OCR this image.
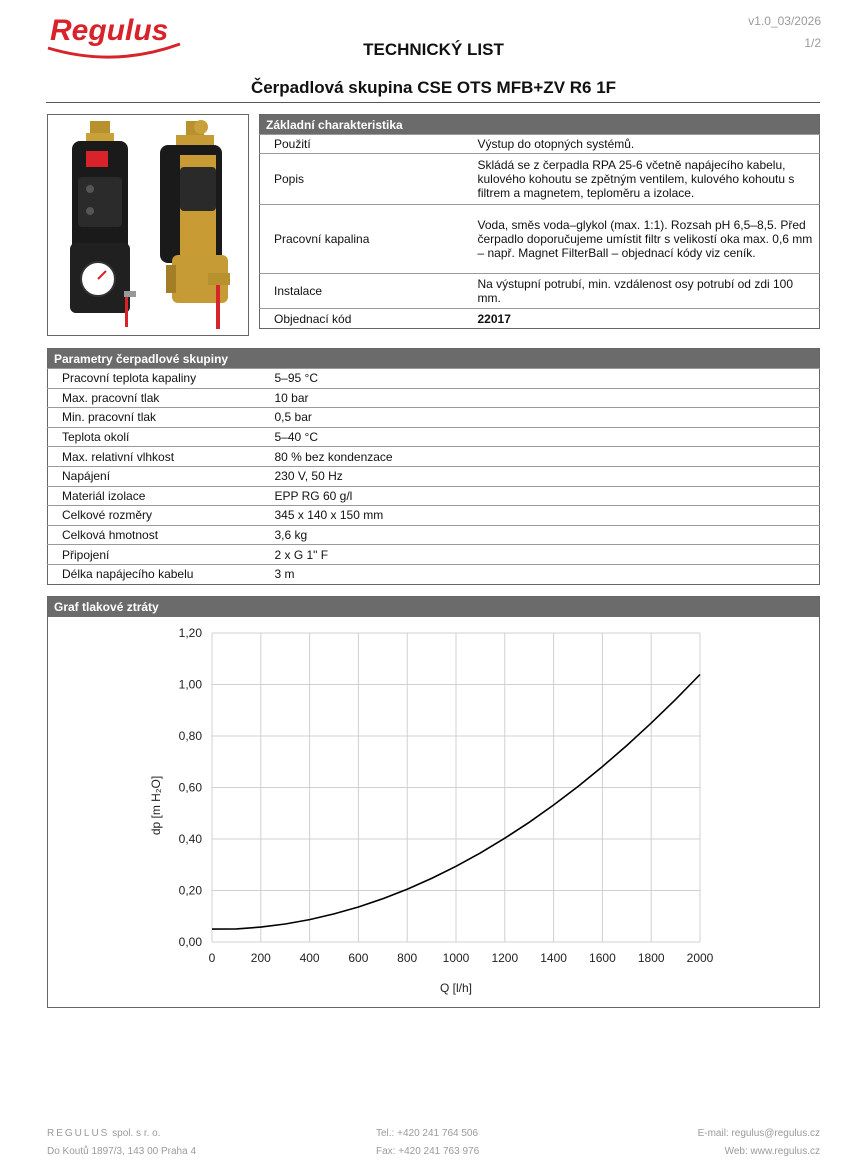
Regulus	v1.0_03/2026
1/2
TECHNICKÝ LIST
Čerpadlová skupina CSE OTS MFB+ZV R6 1F
Základní charakteristika	
Použití	Výstup do otopných systémů.
Popis	Skládá se z čerpadla RPA 25-6 včetně napájecího kabelu, kulového kohoutu se zpětným ventilem, kulového kohoutu s filtrem a magnetem, teploměru a izolace.
Pracovní kapalina	Voda, směs voda–glykol (max. 1:1). Rozsah pH 6,5–8,5. Před čerpadlo doporučujeme umístit filtr s velikostí oka max. 0,6 mm – např. Magnet FilterBall – objednací kódy viz ceník.
Instalace	Na výstupní potrubí, min. vzdálenost osy potrubí od zdi 100 mm.
Objednací kód	22017
Parametry čerpadlové skupiny	
Pracovní teplota kapaliny	5–95 °C
Max. pracovní tlak	10 bar
Min. pracovní tlak	0,5 bar
Teplota okolí	5–40 °C
Max. relativní vlhkost	80 % bez kondenzace
Napájení	230 V, 50 Hz
Materiál izolace	EPP RG 60 g/l
Celkové rozměry	345 x 140 x 150 mm
Celková hmotnost	3,6 kg
Připojení	2 x G 1" F
Délka napájecího kabelu	3 m
Graf tlakové ztráty
0	200 400 600 800 1000 1200 1400 1600 1800 2000
0,00
0,20
0,40
0,60
0,80
1,00
1,20
Q [l/h]
dp [m H₂O]
REGULUS spol. s r. o.
Do Koutů 1897/3, 143 00 Praha 4
Tel.: +420 241 764 506
Fax: +420 241 763 976
E-mail: regulus@regulus.cz
Web: www.regulus.cz
